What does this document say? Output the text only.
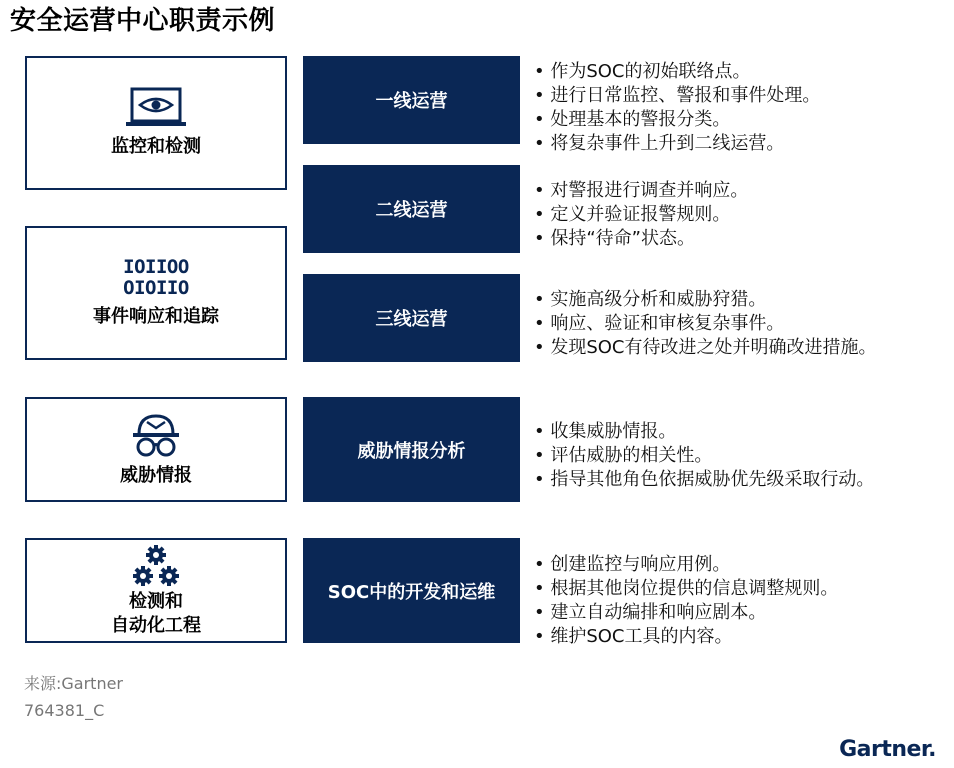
安全运营中心职责示例
监控和检测
IOIIOO
OIOIIO
事件响应和追踪
威胁情报
检测和
自动化工程
一线运营
二线运营
三线运营
威胁情报分析
SOC中的开发和运维
• 作为SOC的初始联络点。
• 进行日常监控、警报和事件处理。
• 处理基本的警报分类。
• 将复杂事件上升到二线运营。
• 对警报进行调查并响应。
• 定义并验证报警规则。
• 保持“待命”状态。
• 实施高级分析和威胁狩猎。
• 响应、验证和审核复杂事件。
• 发现SOC有待改进之处并明确改进措施。
• 收集威胁情报。
• 评估威胁的相关性。
• 指导其他角色依据威胁优先级采取行动。
• 创建监控与响应用例。
• 根据其他岗位提供的信息调整规则。
• 建立自动编排和响应剧本。
• 维护SOC工具的内容。
来源:Gartner
764381_C
Gartner.
